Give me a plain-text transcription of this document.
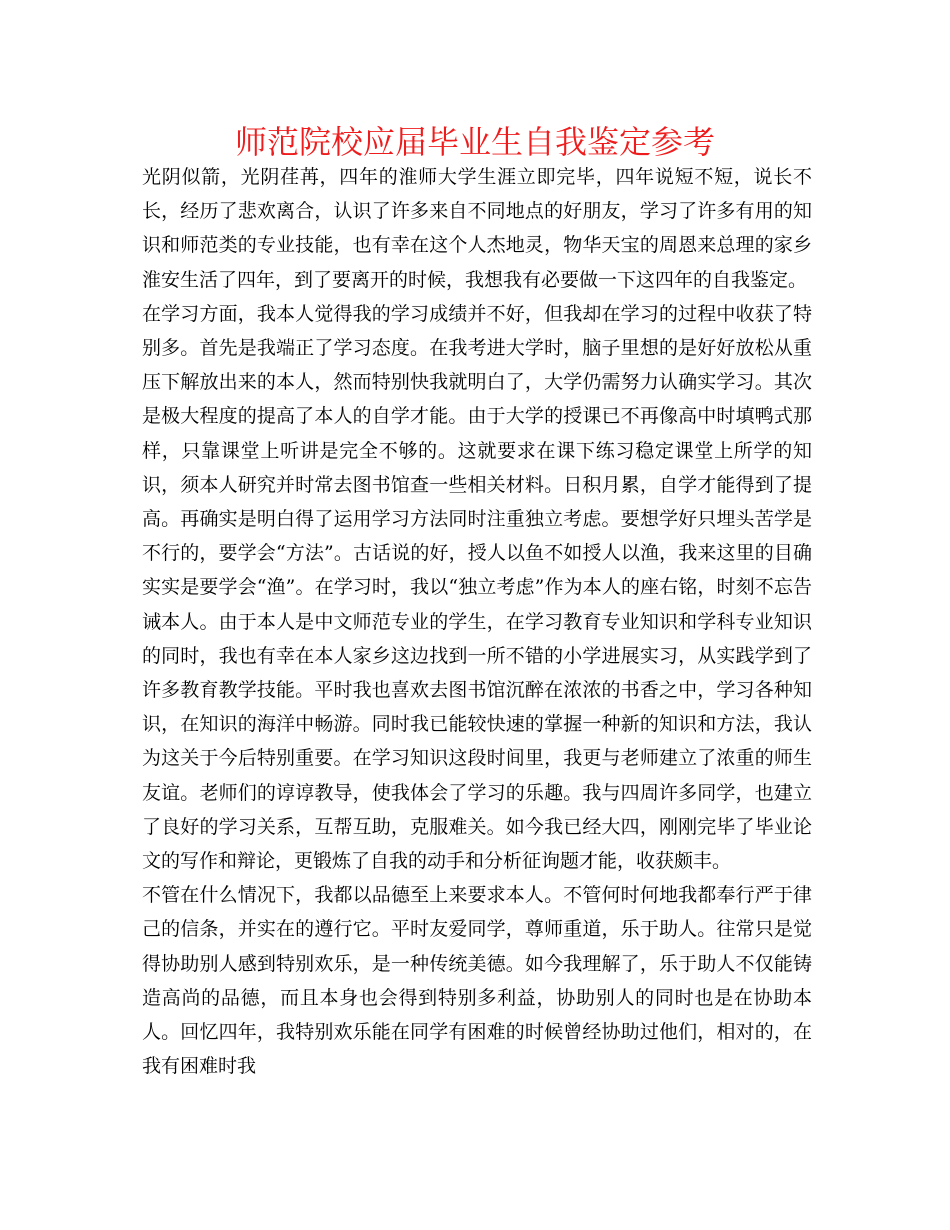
师范院校应届毕业生自我鉴定参考

光阴似箭，光阴荏苒，四年的淮师大学生涯立即完毕，四年说短不短，说长不长，经历了悲欢离合，认识了许多来自不同地点的好朋友，学习了许多有用的知识和师范类的专业技能，也有幸在这个人杰地灵，物华天宝的周恩来总理的家乡淮安生活了四年，到了要离开的时候，我想我有必要做一下这四年的自我鉴定。

在学习方面，我本人觉得我的学习成绩并不好，但我却在学习的过程中收获了特别多。首先是我端正了学习态度。在我考进大学时，脑子里想的是好好放松从重压下解放出来的本人，然而特别快我就明白了，大学仍需努力认确实学习。其次是极大程度的提高了本人的自学才能。由于大学的授课已不再像高中时填鸭式那样，只靠课堂上听讲是完全不够的。这就要求在课下练习稳定课堂上所学的知识，须本人研究并时常去图书馆查一些相关材料。日积月累，自学才能得到了提高。再确实是明白得了运用学习方法同时注重独立考虑。要想学好只埋头苦学是不行的，要学会“方法”。古话说的好，授人以鱼不如授人以渔，我来这里的目确实实是要学会“渔”。在学习时，我以“独立考虑”作为本人的座右铭，时刻不忘告诫本人。由于本人是中文师范专业的学生，在学习教育专业知识和学科专业知识的同时，我也有幸在本人家乡这边找到一所不错的小学进展实习，从实践学到了许多教育教学技能。平时我也喜欢去图书馆沉醉在浓浓的书香之中，学习各种知识，在知识的海洋中畅游。同时我已能较快速的掌握一种新的知识和方法，我认为这关于今后特别重要。在学习知识这段时间里，我更与老师建立了浓重的师生友谊。老师们的谆谆教导，使我体会了学习的乐趣。我与四周许多同学，也建立了良好的学习关系，互帮互助，克服难关。如今我已经大四，刚刚完毕了毕业论文的写作和辩论，更锻炼了自我的动手和分析征询题才能，收获颇丰。

不管在什么情况下，我都以品德至上来要求本人。不管何时何地我都奉行严于律己的信条，并实在的遵行它。平时友爱同学，尊师重道，乐于助人。往常只是觉得协助别人感到特别欢乐，是一种传统美德。如今我理解了，乐于助人不仅能铸造高尚的品德，而且本身也会得到特别多利益，协助别人的同时也是在协助本人。回忆四年，我特别欢乐能在同学有困难的时候曾经协助过他们，相对的，在我有困难时我
